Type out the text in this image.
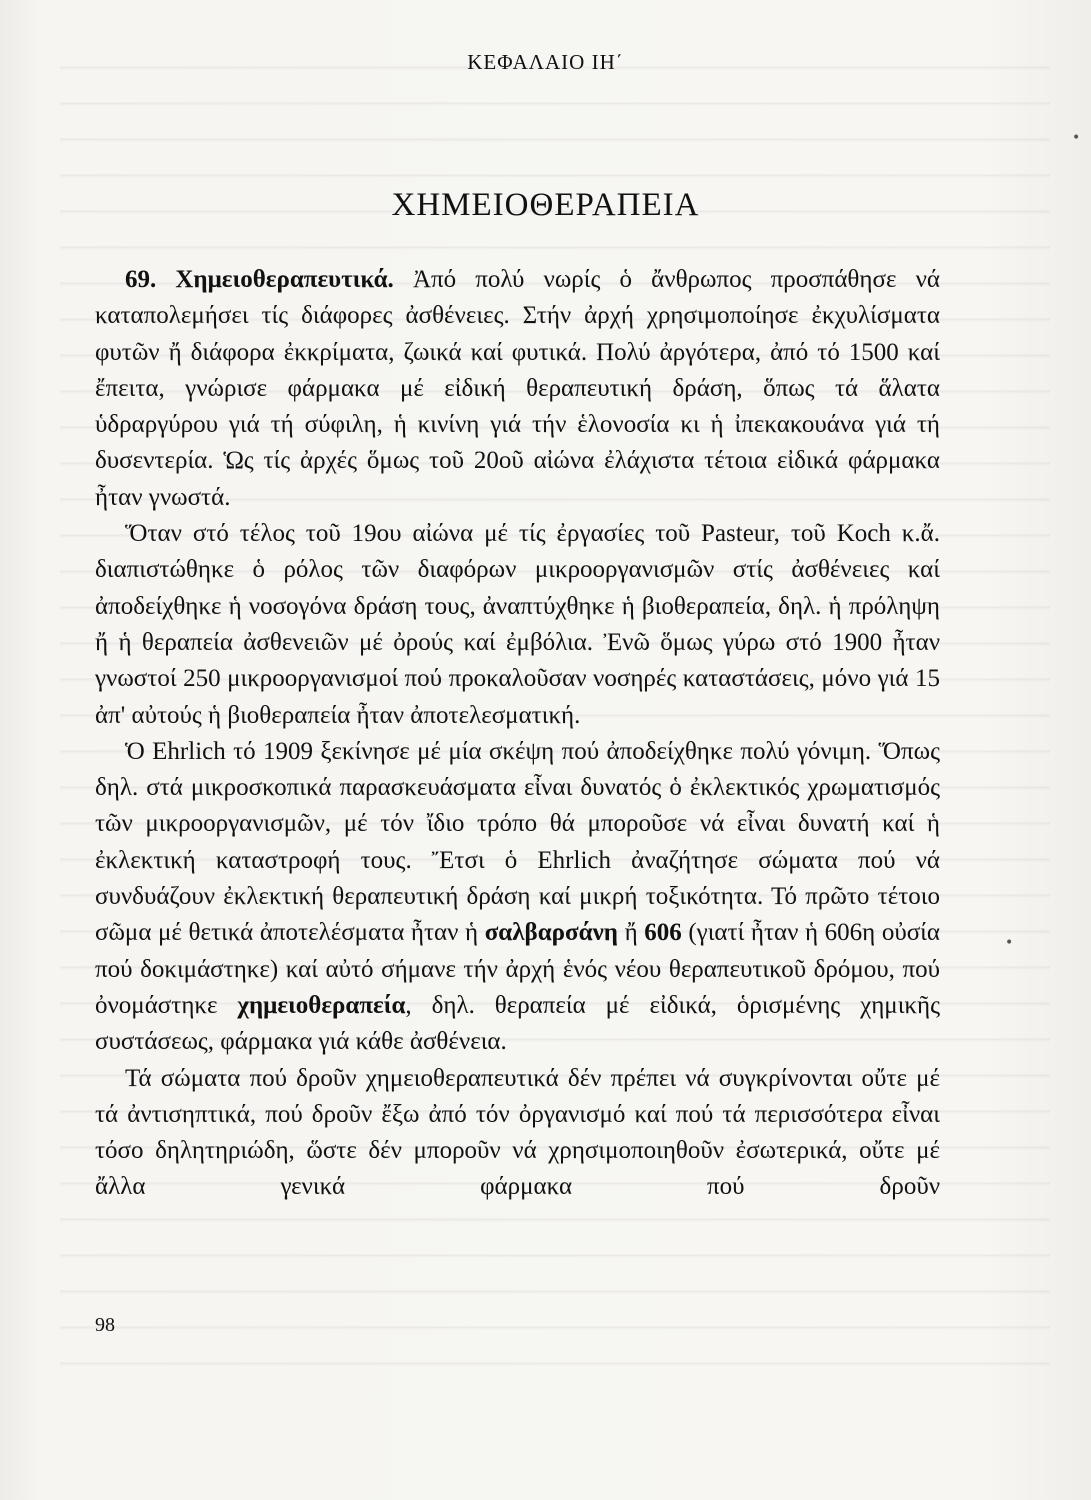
ΚΕΦΑΛΑΙΟ ΙΗ΄
ΧΗΜΕΙΟΘΕΡΑΠΕΙΑ

69. Χημειοθεραπευτικά. Ἀπό πολύ νωρίς ὁ ἄνθρωπος προσπάθησε νά καταπολεμήσει τίς διάφορες ἀσθένειες. Στήν ἀρχή χρησιμοποίησε ἐκχυλίσματα φυτῶν ἤ διάφορα ἐκκρίματα, ζωικά καί φυτικά. Πολύ ἀργότερα, ἀπό τό 1500 καί ἔπειτα, γνώρισε φάρμακα μέ εἰδική θεραπευτική δράση, ὅπως τά ἅλατα ὑδραργύρου γιά τή σύφιλη, ἡ κινίνη γιά τήν ἑλονοσία κι ἡ ἰπεκακουάνα γιά τή δυσεντερία. Ὡς τίς ἀρχές ὅμως τοῦ 20οῦ αἰώνα ἐλάχιστα τέτοια εἰδικά φάρμακα ἦταν γνωστά.

Ὅταν στό τέλος τοῦ 19ου αἰώνα μέ τίς ἐργασίες τοῦ Pasteur, τοῦ Koch κ.ἄ. διαπιστώθηκε ὁ ρόλος τῶν διαφόρων μικροοργανισμῶν στίς ἀσθένειες καί ἀποδείχθηκε ἡ νοσογόνα δράση τους, ἀναπτύχθηκε ἡ βιοθεραπεία, δηλ. ἡ πρόληψη ἤ ἡ θεραπεία ἀσθενειῶν μέ ὀρούς καί ἐμβόλια. Ἐνῶ ὅμως γύρω στό 1900 ἦταν γνωστοί 250 μικροοργανισμοί πού προκαλοῦσαν νοσηρές καταστάσεις, μόνο γιά 15 ἀπ' αὐτούς ἡ βιοθεραπεία ἦταν ἀποτελεσματική.

Ὁ Ehrlich τό 1909 ξεκίνησε μέ μία σκέψη πού ἀποδείχθηκε πολύ γόνιμη. Ὅπως δηλ. στά μικροσκοπικά παρασκευάσματα εἶναι δυνατός ὁ ἐκλεκτικός χρωματισμός τῶν μικροοργανισμῶν, μέ τόν ἴδιο τρόπο θά μποροῦσε νά εἶναι δυνατή καί ἡ ἐκλεκτική καταστροφή τους. Ἔτσι ὁ Ehrlich ἀναζήτησε σώματα πού νά συνδυάζουν ἐκλεκτική θεραπευτική δράση καί μικρή τοξικότητα. Τό πρῶτο τέτοιο σῶμα μέ θετικά ἀποτελέσματα ἦταν ἡ σαλβαρσάνη ἤ 606 (γιατί ἦταν ἡ 606η οὐσία πού δοκιμάστηκε) καί αὐτό σήμανε τήν ἀρχή ἑνός νέου θεραπευτικοῦ δρόμου, πού ὀνομάστηκε χημειοθεραπεία, δηλ. θεραπεία μέ εἰδικά, ὁρισμένης χημικῆς συστάσεως, φάρμακα γιά κάθε ἀσθένεια.

Τά σώματα πού δροῦν χημειοθεραπευτικά δέν πρέπει νά συγκρίνονται οὔτε μέ τά ἀντισηπτικά, πού δροῦν ἔξω ἀπό τόν ὀργανισμό καί πού τά περισσότερα εἶναι τόσο δηλητηριώδη, ὥστε δέν μποροῦν νά χρησιμοποιηθοῦν ἐσωτερικά, οὔτε μέ ἄλλα γενικά φάρμακα πού δροῦν

98
•
•
